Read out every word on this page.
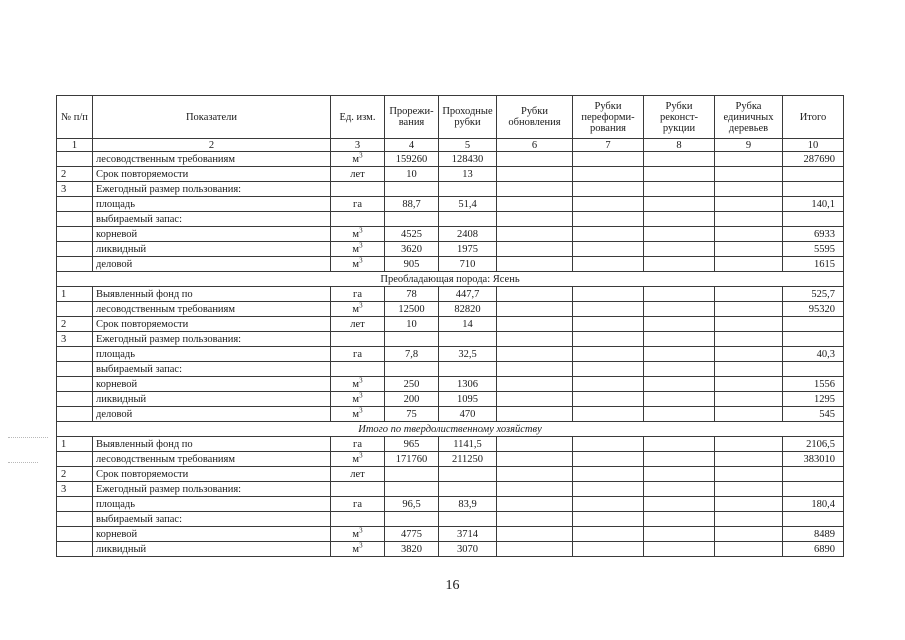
№ п/п	Показатели	Ед. изм.	Прорежи-вания	Проходные рубки	Рубки обновления	Рубки переформи-рования	Рубки реконст-рукции	Рубка единичных деревьев	Итого
1	2	3	4	5	6	7	8	9	10
	лесоводственным требованиям	$м^3$	159260	128430					287690
2	Срок повторяемости	лет	10	13					
3	Ежегодный размер пользования:								
	площадь	га	88,7	51,4					140,1
	выбираемый запас:								
	корневой	$м^3$	4525	2408					6933
	ликвидный	$м^3$	3620	1975					5595
	деловой	$м^3$	905	710					1615
Преобладающая порода: Ясень									
1	Выявленный фонд по	га	78	447,7					525,7
	лесоводственным требованиям	$м^3$	12500	82820					95320
2	Срок повторяемости	лет	10	14					
3	Ежегодный размер пользования:								
	площадь	га	7,8	32,5					40,3
	выбираемый запас:								
	корневой	$м^3$	250	1306					1556
	ликвидный	$м^3$	200	1095					1295
	деловой	$м^3$	75	470					545
Итого по твердолиственному хозяйству									
1	Выявленный фонд по	га	965	1141,5					2106,5
	лесоводственным требованиям	$м^3$	171760	211250					383010
2	Срок повторяемости	лет							
3	Ежегодный размер пользования:								
	площадь	га	96,5	83,9					180,4
	выбираемый запас:								
	корневой	$м^3$	4775	3714					8489
	ликвидный	$м^3$	3820	3070					6890
16
